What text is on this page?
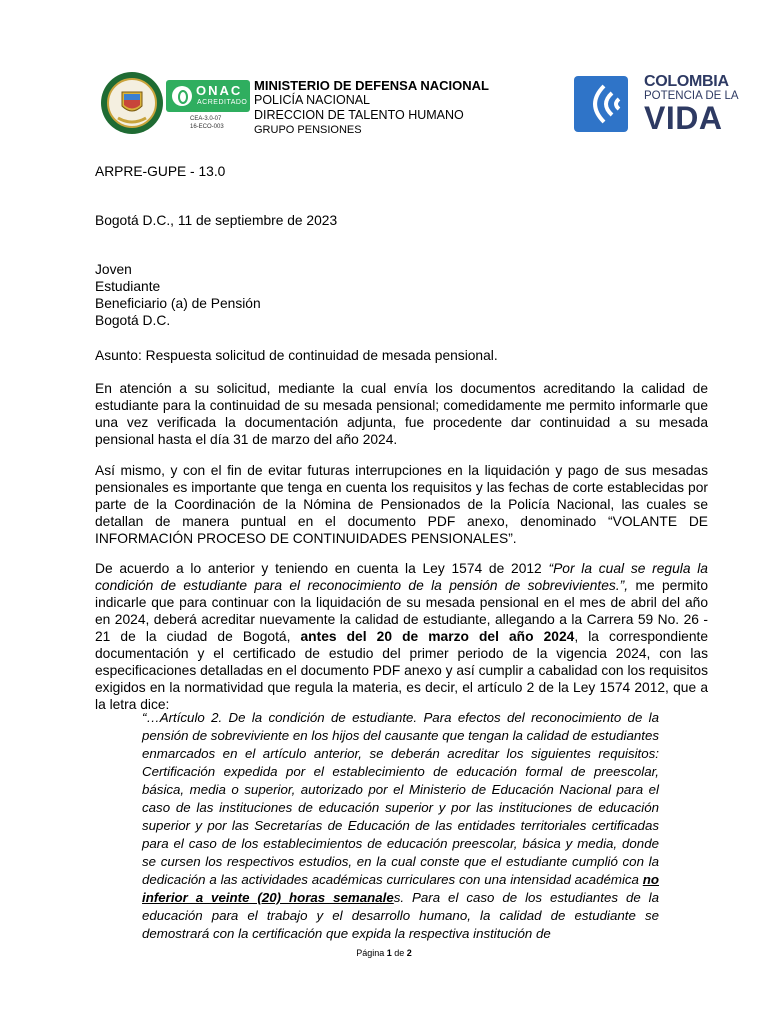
ONAC
ACREDITADO
CEA-3.0-07
16-ECO-003
MINISTERIO DE DEFENSA NACIONAL
POLICÍA NACIONAL
DIRECCION DE TALENTO HUMANO
GRUPO PENSIONES
COLOMBIA
POTENCIA DE LA
VIDA
ARPRE-GUPE - 13.0
Bogotá D.C., 11 de septiembre de 2023
Joven
Estudiante
Beneficiario (a) de Pensión
Bogotá D.C.
Asunto: Respuesta solicitud de continuidad de mesada pensional.
En atención a su solicitud, mediante la cual envía los documentos acreditando la calidad de estudiante para la continuidad de su mesada pensional; comedidamente me permito informarle que una vez verificada la documentación adjunta, fue procedente dar continuidad a su mesada pensional hasta el día 31 de marzo del año 2024.
Así mismo, y con el fin de evitar futuras interrupciones en la liquidación y pago de sus mesadas pensionales es importante que tenga en cuenta los requisitos y las fechas de corte establecidas por parte de la Coordinación de la Nómina de Pensionados de la Policía Nacional, las cuales se detallan de manera puntual en el documento PDF anexo, denominado “VOLANTE DE INFORMACIÓN PROCESO DE CONTINUIDADES PENSIONALES”.
De acuerdo a lo anterior y teniendo en cuenta la Ley 1574 de 2012 “Por la cual se regula la condición de estudiante para el reconocimiento de la pensión de sobrevivientes.”, me permito indicarle que para continuar con la liquidación de su mesada pensional en el mes de abril del año en 2024, deberá acreditar nuevamente la calidad de estudiante, allegando a la Carrera 59 No. 26 - 21 de la ciudad de Bogotá, antes del 20 de marzo del año 2024, la correspondiente documentación y el certificado de estudio del primer periodo de la vigencia 2024, con las especificaciones detalladas en el documento PDF anexo y así cumplir a cabalidad con los requisitos exigidos en la normatividad que regula la materia, es decir, el artículo 2 de la Ley 1574 2012, que a la letra dice:
“…Artículo 2. De la condición de estudiante. Para efectos del reconocimiento de la pensión de sobreviviente en los hijos del causante que tengan la calidad de estudiantes enmarcados en el artículo anterior, se deberán acreditar los siguientes requisitos: Certificación expedida por el establecimiento de educación formal de preescolar, básica, media o superior, autorizado por el Ministerio de Educación Nacional para el caso de las instituciones de educación superior y por las instituciones de educación superior y por las Secretarías de Educación de las entidades territoriales certificadas para el caso de los establecimientos de educación preescolar, básica y media, donde se cursen los respectivos estudios, en la cual conste que el estudiante cumplió con la dedicación a las actividades académicas curriculares con una intensidad académica no inferior a veinte (20) horas semanales. Para el caso de los estudiantes de la educación para el trabajo y el desarrollo humano, la calidad de estudiante se demostrará con la certificación que expida la respectiva institución de
Página 1 de 2
